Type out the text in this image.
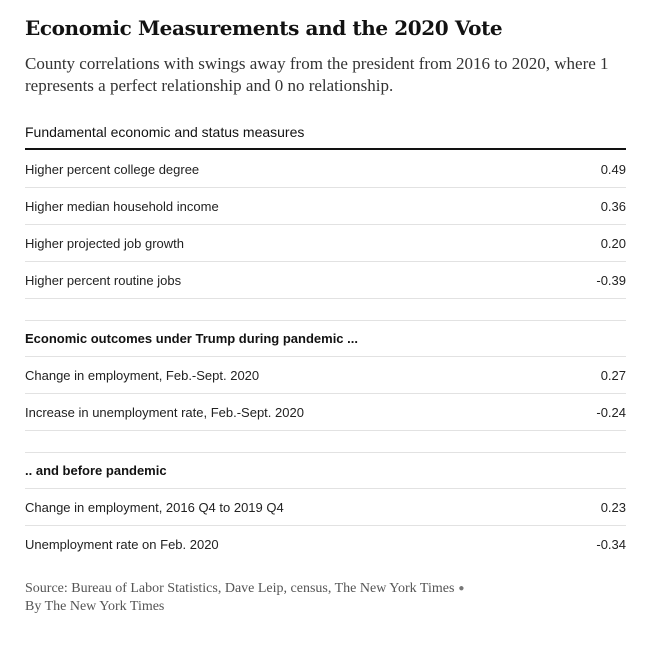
Economic Measurements and the 2020 Vote
County correlations with swings away from the president from 2016 to 2020, where 1 represents a perfect relationship and 0 no relationship.
Fundamental economic and status measures
Higher percent college degree	0.49
Higher median household income	0.36
Higher projected job growth	0.20
Higher percent routine jobs	-0.39
Economic outcomes under Trump during pandemic ...
Change in employment, Feb.-Sept. 2020	0.27
Increase in unemployment rate, Feb.-Sept. 2020	-0.24
.. and before pandemic
Change in employment, 2016 Q4 to 2019 Q4	0.23
Unemployment rate on Feb. 2020	-0.34
Source: Bureau of Labor Statistics, Dave Leip, census, The New York Times ●
By The New York Times
